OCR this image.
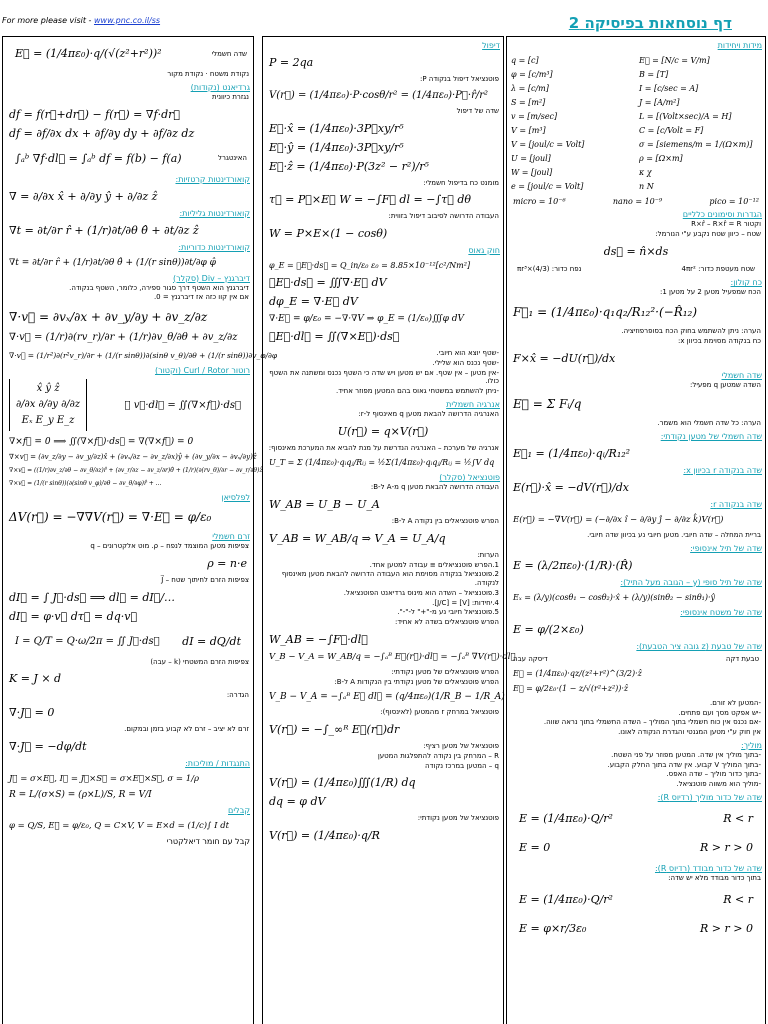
For more please visit - www.pnc.co.il/ss	דף נוסחאות בפיסיקה 2
E⃗ = (1/4πε₀)·q/(√(z²+r²))²	שדה חשמלי
נקודת משטח · נקודת מקור
גרדיאנט (נקודות)
נגזרת כיוונית
df = f(r⃗+dr⃗) − f(r⃗) = ∇f·dr⃗
df = ∂f/∂x dx + ∂f/∂y dy + ∂f/∂z dz
∫ₐᵇ ∇f·dl⃗ = ∫ₐᵇ df = f(b) − f(a)	האינטגרל
קואורדינטות קרטזיות:
∇ = ∂/∂x x̂ + ∂/∂y ŷ + ∂/∂z ẑ
קואורדינטות גליליות:
∇t = ∂t/∂r r̂ + (1/r)∂t/∂θ θ̂ + ∂t/∂z ẑ
קואורדינטות כדוריות:
∇t = ∂t/∂r r̂ + (1/r)∂t/∂θ θ̂ + (1/(r sinθ))∂t/∂φ φ̂
דיברגנץ – Div (סקלר)
דיברגנץ הוא השטף דרך סגור ספירה, כלומר, השטף בנקודה.
אם אין קוו כזה אז דיברגנץ = 0.
∇·v⃗ = ∂vₓ/∂x + ∂v_y/∂y + ∂v_z/∂z
∇·v⃗ = (1/r)∂(rv_r)/∂r + (1/r)∂v_θ/∂θ + ∂v_z/∂z
∇·v⃗ = (1/r²)∂(r²v_r)/∂r + (1/(r sinθ))∂(sinθ v_θ)/∂θ + (1/(r sinθ))∂v_φ/∂φ
רוטור Curl / Rotor (וקטור)
x̂ ŷ ẑ
∂/∂x ∂/∂y ∂/∂z
Eₓ E_y E_z
∮ v⃗·dl⃗ = ∬(∇×f⃗)·ds⃗
∇×f⃗ = 0 ⟹ ∬(∇×f⃗)·ds⃗ = ∇(∇×f⃗) = 0
∇×v⃗ = (∂v_z/∂y − ∂v_y/∂z)x̂ + (∂vₓ/∂z − ∂v_z/∂x)ŷ + (∂v_y/∂x − ∂vₓ/∂y)ẑ
∇×v⃗ = ((1/r)∂v_z/∂θ − ∂v_θ/∂z)r̂ + (∂v_r/∂z − ∂v_z/∂r)θ̂ + (1/r)(∂(rv_θ)/∂r − ∂v_r/∂θ)ẑ
∇×v⃗ = (1/(r sinθ))(∂(sinθ v_φ)/∂θ − ∂v_θ/∂φ)r̂ + ...
לפלסיאן
ΔV(r⃗) = −∇∇V(r⃗) = ∇·E⃗ = φ/ε₀
זרם חשמלי
צפיפות מטען המוצמד לנפח – ρ. מוט אלקטרונים – q
ρ = n·e
צפיפות הזרם לחיתוך שטח – J⃗
dI⃗ = ∫ J⃗·ds⃗ ⟹ dl⃗ = dI⃗/…
dI⃗ = φ·v⃗ dτ⃗ = dq·v⃗
I = Q/T = Q·ω/2π = ∬ J⃗·ds⃗ dI = dQ/dt
צפיפות הזרם המשטחי (k – עבה)
K = J × d
הגדרה:
∇·J⃗ = 0
זרם לא יציב – זרם לא קבוע בזמן ובמקום.
∇·J⃗ = −dφ/dt
התנגדות / מוליכות:
J⃗ = σ×E⃗, I⃗ = J⃗×S⃗ = σ×E⃗×S⃗, σ = 1/ρ
R = L/(σ×S) = (ρ×L)/S, R = V/I
קבלים
φ = Q/S, E⃗ = φ/ε₀, Q = C×V, V = E×d = (1/c)∫ I dt
קבל עם חומר דיאלקטרי
דיפול
P = 2qa
פוטנציאל דיפול בנקודה P:
V(r⃗) = (1/4πε₀)·P·cosθ/r² = (1/4πε₀)·P⃗·r̂/r²
שדה של דיפול
E⃗·x̂ = (1/4πε₀)·3P⃗xy/r⁵
E⃗·ŷ = (1/4πε₀)·3P⃗xy/r⁵
E⃗·ẑ = (1/4πε₀)·P(3z² − r²)/r⁵
מומנט כח בדיפול חשמלי:
τ⃗ = P⃗×E⃗ W = −∫F⃗ dl = −∫τ⃗ dθ
העבודה הדרושה לסיבוב דיפול בזווית:
W = P×E×(1 − cosθ)
חוק גאוס
φ_E = ∯E⃗·ds⃗ = Q_in/ε₀ ε₀ = 8.85×10⁻¹²[c²/Nm²]
∯E⃗·ds⃗ = ∭∇·E⃗ dV
dφ_E = ∇·E⃗ dV
∇·E⃗ = φ/ε₀ = −∇·∇V ⇒ φ_E = (1/ε₀)∭φ dV
∮E⃗·dl⃗ = ∬(∇×E⃗)·ds⃗
-שטף יוצא הוא חיובי.
-שטף נכנס הוא שלילי.
-אין מטען – אין שטף. אם יש מטען ויש שדה כי השטף נכנס ומשתנה את השטף כולו.
-ניתן להשתמש במשטחי גאוס בהם המטען מפוזר אחיד.
אנרגיה חשמלית
האנרגיה הדרושה להבאת מטען q מאינסוף ל-r:
U(r⃗) = q×V(r⃗)
אנרגיה של מערכת – האנרגיה הנדרשת על מנת להביא את המערכת מאינסוף:
U_T = Σ (1/4πε₀)·qᵢqⱼ/Rᵢⱼ = ½Σ(1/4πε₀)·qᵢqⱼ/Rᵢⱼ = ½∫V dq
פוטנציאל (סקלר)
העבודה הדרושה להבאת מטען q מ-A ל-B:
W_AB = U_B − U_A
הפרש פוטנציאלים בין נקודה A ל-B:
V_AB = W_AB/q ⇒ V_A = U_A/q
הערות:
1.הפרש פוטנציאלים ≡ עבודה למטען אחד.
2.פוטנציאל בנקודה מסוימת הוא העבודה הדרושה להבאת מטען מאינסוף לנקודה.
3.פוטנציאל – השדה הוא מינוס גרדיאנט הפוטנציאל.
4.יחידות: [V] = [J/C].
5.פוטנציאל חיובי נע מ-"+" ל-"-".
הפרש פוטנציאלים בשדה לא אחיד:
W_AB = −∫F⃗·dl⃗
V_B − V_A = W_AB/q = −∫ₐᴮ E⃗(r⃗)·dl⃗ = −∫ₐᴮ ∇V(r⃗)·dl⃗
הפרש פוטנציאלים של מטען נקודתי:
הפרש פוטנציאלים של מטען נקודתי בין הנקודות A ל-B:
V_B − V_A = −∫ₐᴮ E⃗ dl⃗ = (q/4πε₀)(1/R_B − 1/R_A)
פוטנציאל במרחק r מהמטען (לאינסוף):
V(r⃗) = −∫_∞ᴿ E⃗(r⃗)dr
פוטנציאל של מטען רציף:
R – המרחק בין נקודה להתפלגות המטען
q – המטען במרכז נקודה
V(r⃗) = (1/4πε₀)∭(1/R) dq
dq = φ dV
פוטנציאל של מטען נקודתי:
V(r⃗) = (1/4πε₀)·q/R
מידות ויחידות
q = [c]	E⃗ = [N/c = V/m]
φ = [c/m³]	B = [T]
λ = [c/m]	I = [c/sec = A]
S = [m²]	J = [A/m²]
v = [m/sec]	L = [(Volt×sec)/A = H]
V = [m³]	C = [c/Volt = F]
V = [joul/c = Volt]	σ = [siemens/m = 1/(Ω×m)]
U = [joul]	ρ = [Ω×m]
W = [joul]	κ χ
e = [joul/c = Volt]	n N
micro = 10⁻⁶	nano = 10⁻⁹	pico = 10⁻¹²
הגדרות וסימונים כלליים
וקטור R×r̂ – R×r̂ = R
שטח – כיוון שטח נקבע ע"י הנורמל:
ds⃗ = n̂×ds
נפח כדור: (4/3)×πr³	שטח מעטפת כדור: 4πr²
כח קולון:
הכח שמפעיל מטען 2 על מטען 1:
F⃗₁ = (1/4πε₀)·q₁q₂/R₁₂²·(−R̂₁₂)
הערה: ניתן להשתמש בחוק הכח בסופרפוזיציה.
כח בנקודה מסוימת בכיוון x:
F×x̂ = −dU(r⃗)/dx
שדה חשמלי
השדה שמטען q מפעיל:
E⃗ = Σ Fᵢ/q
הערה: כל שדה חשמלי הוא משמר.
שדה חשמלי של מטען נקודתי:
E⃗₁ = (1/4πε₀)·qᵢ/R₁₂²
שדה בנקודה r בכיוון x:
E(r⃗)·x̂ = −dV(r⃗)/dx
שדה בנקודה r:
E(r⃗) = −∇V(r⃗) = (−∂/∂x î − ∂/∂y ĵ − ∂/∂z k̂)V(r⃗)
בריית המחלה – שדה חיובי. מטען חיובי נע בכיוון שדה חיובי.
שדה של תיל אינסופי:
E = (λ/2πε₀)·(1/R)·(R̂)
שדה של תיל סופי (y – הגובה מעל התיל):
Eₓ = (λ/y)(cosθ₁ − cosθ₂)·x̂ + (λ/y)(sinθ₂ − sinθ₁)·ŷ
שדה של משטח אינסופי:
E = φ/(2×ε₀)
שדה של טבעת (z גובה ציר הטבעת):
דיסקה עבה	טבעת דקה
E⃗ = (1/4πε₀)·qz/(z²+r²)^(3/2)·ẑ
E⃗ = φ/2ε₀·(1 − z/√(r²+z²))·ẑ
-המטען לא זורם.
-יש אפקט מסך ועם פתחים.
-אם נכנס אין כוח חשמלי בתוך המוליך – השדה החשמלי בתוך נראה שווה.
אין חוק ע"י מטען המגנטי והגדרת הנקודה לאונו.
מוליך:
-בתוך מוליך אין שדה. המטען מפוזר על פני השטח.
-בתוך המוליך V קבוע. אין שדה בתוך החלק הקבוע.
-בתוך כדור מוליך – שדה האפס.
-מוליך הוא משווה פוטנציאל.
שדה של כדור מוליך (רדיוס R):
E = (1/4πε₀)·Q/r²	R < r
E = 0	R > r > 0
שדה של כדור מבודד (רדיוס R):
בתוך כדור מבודד מלא יש שדה:
E = (1/4πε₀)·Q/r²	R < r
E = φ×r/3ε₀	R > r > 0
